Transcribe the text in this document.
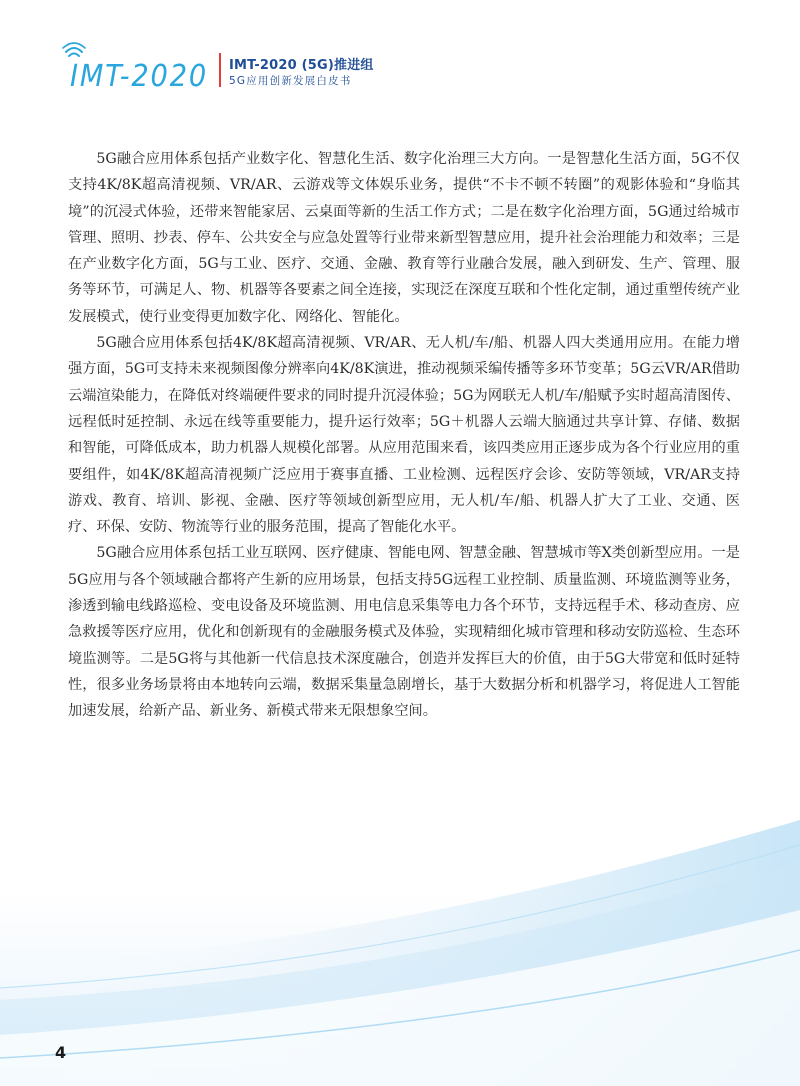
IMT-2020 IMT-2020 (5G)推进组
5G应用创新发展白皮书

5G融合应用体系包括产业数字化、智慧化生活、数字化治理三大方向。一是智慧化生活方面，5G不仅支持4K/8K超高清视频、VR/AR、云游戏等文体娱乐业务，提供“不卡不顿不转圈”的观影体验和“身临其境”的沉浸式体验，还带来智能家居、云桌面等新的生活工作方式；二是在数字化治理方面，5G通过给城市管理、照明、抄表、停车、公共安全与应急处置等行业带来新型智慧应用，提升社会治理能力和效率；三是在产业数字化方面，5G与工业、医疗、交通、金融、教育等行业融合发展，融入到研发、生产、管理、服务等环节，可满足人、物、机器等各要素之间全连接，实现泛在深度互联和个性化定制，通过重塑传统产业发展模式，使行业变得更加数字化、网络化、智能化。

5G融合应用体系包括4K/8K超高清视频、VR/AR、无人机/车/船、机器人四大类通用应用。在能力增强方面，5G可支持未来视频图像分辨率向4K/8K演进，推动视频采编传播等多环节变革；5G云VR/AR借助云端渲染能力，在降低对终端硬件要求的同时提升沉浸体验；5G为网联无人机/车/船赋予实时超高清图传、远程低时延控制、永远在线等重要能力，提升运行效率；5G＋机器人云端大脑通过共享计算、存储、数据和智能，可降低成本，助力机器人规模化部署。从应用范围来看，该四类应用正逐步成为各个行业应用的重要组件，如4K/8K超高清视频广泛应用于赛事直播、工业检测、远程医疗会诊、安防等领域，VR/AR支持游戏、教育、培训、影视、金融、医疗等领域创新型应用，无人机/车/船、机器人扩大了工业、交通、医疗、环保、安防、物流等行业的服务范围，提高了智能化水平。

5G融合应用体系包括工业互联网、医疗健康、智能电网、智慧金融、智慧城市等X类创新型应用。一是5G应用与各个领域融合都将产生新的应用场景，包括支持5G远程工业控制、质量监测、环境监测等业务，渗透到输电线路巡检、变电设备及环境监测、用电信息采集等电力各个环节，支持远程手术、移动查房、应急救援等医疗应用，优化和创新现有的金融服务模式及体验，实现精细化城市管理和移动安防巡检、生态环境监测等。二是5G将与其他新一代信息技术深度融合，创造并发挥巨大的价值，由于5G大带宽和低时延特性，很多业务场景将由本地转向云端，数据采集量急剧增长，基于大数据分析和机器学习，将促进人工智能加速发展，给新产品、新业务、新模式带来无限想象空间。

4
